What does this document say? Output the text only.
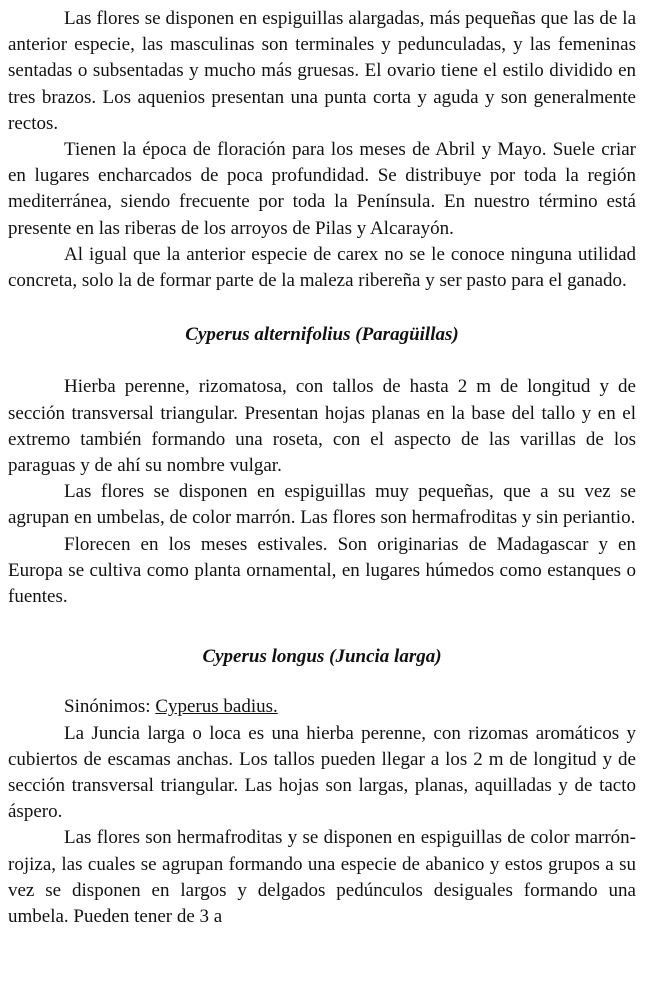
Las flores se disponen en espiguillas alargadas, más pequeñas que las de la anterior especie, las masculinas son terminales y pedunculadas, y las femeninas sentadas o subsentadas y mucho más gruesas. El ovario tiene el estilo dividido en tres brazos. Los aquenios presentan una punta corta y aguda y son generalmente rectos.

Tienen la época de floración para los meses de Abril y Mayo. Suele criar en lugares encharcados de poca profundidad. Se distribuye por toda la región mediterránea, siendo frecuente por toda la Península. En nuestro término está presente en las riberas de los arroyos de Pilas y Alcarayón.

Al igual que la anterior especie de carex no se le conoce ninguna utilidad concreta, solo la de formar parte de la maleza ribereña y ser pasto para el ganado.

Cyperus alternifolius (Paragüillas)

Hierba perenne, rizomatosa, con tallos de hasta 2 m de longitud y de sección transversal triangular. Presentan hojas planas en la base del tallo y en el extremo también formando una roseta, con el aspecto de las varillas de los paraguas y de ahí su nombre vulgar.

Las flores se disponen en espiguillas muy pequeñas, que a su vez se agrupan en umbelas, de color marrón. Las flores son hermafroditas y sin periantio.

Florecen en los meses estivales. Son originarias de Madagascar y en Europa se cultiva como planta ornamental, en lugares húmedos como estanques o fuentes.

Cyperus longus (Juncia larga)

Sinónimos: Cyperus badius.

La Juncia larga o loca es una hierba perenne, con rizomas aromáticos y cubiertos de escamas anchas. Los tallos pueden llegar a los 2 m de longitud y de sección transversal triangular. Las hojas son largas, planas, aquilladas y de tacto áspero.

Las flores son hermafroditas y se disponen en espiguillas de color marrón-rojiza, las cuales se agrupan formando una especie de abanico y estos grupos a su vez se disponen en largos y delgados pedúnculos desiguales formando una umbela. Pueden tener de 3 a
